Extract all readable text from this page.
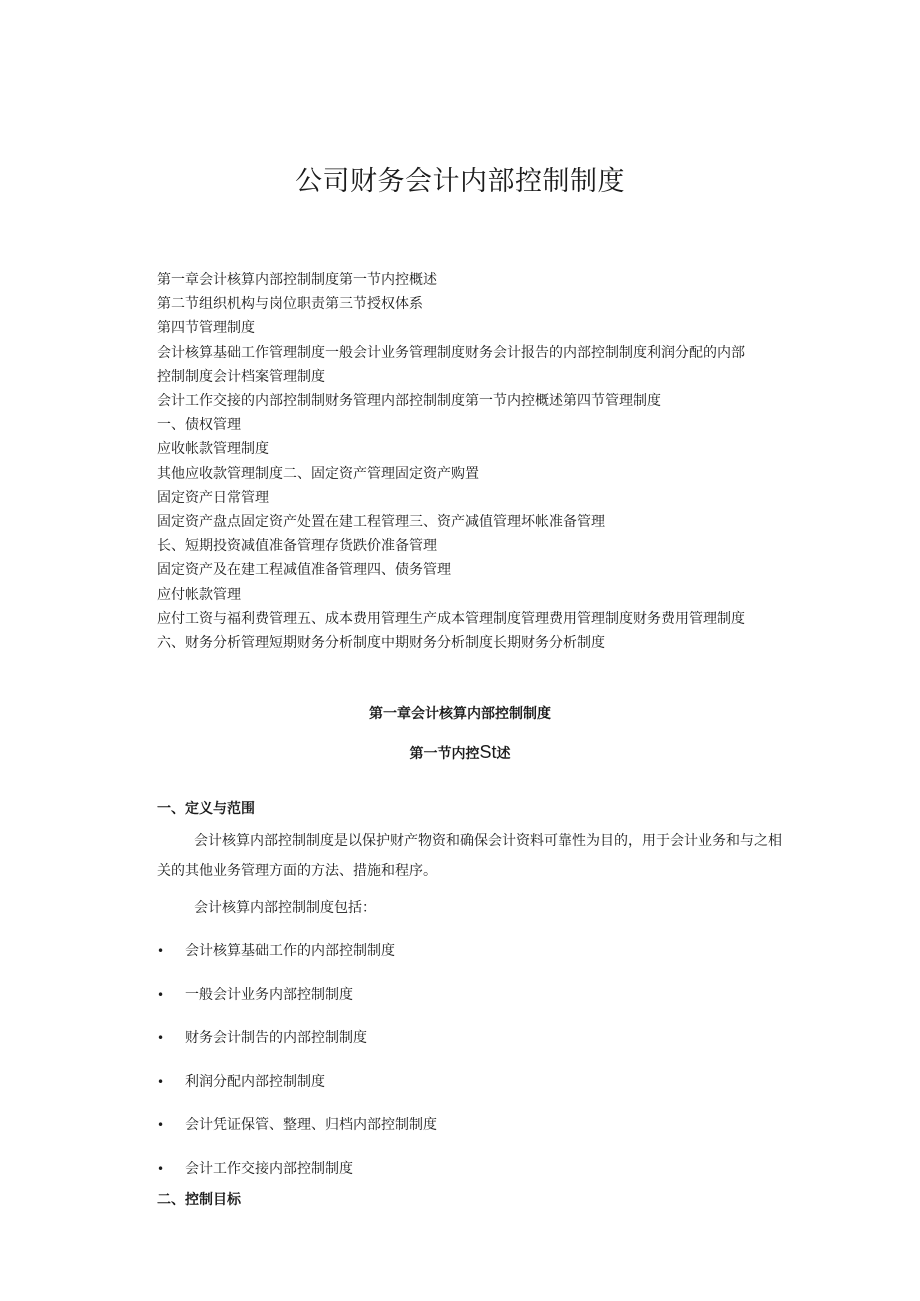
公司财务会计内部控制制度
第一章会计核算内部控制制度第一节内控概述
第二节组织机构与岗位职责第三节授权体系
第四节管理制度
会计核算基础工作管理制度一般会计业务管理制度财务会计报告的内部控制制度利润分配的内部
控制制度会计档案管理制度
会计工作交接的内部控制制财务管理内部控制制度第一节内控概述第四节管理制度
一、债权管理
应收帐款管理制度
其他应收款管理制度二、固定资产管理固定资产购置
固定资产日常管理
固定资产盘点固定资产处置在建工程管理三、资产减值管理坏帐准备管理
长、短期投资减值准备管理存货跌价准备管理
固定资产及在建工程减值准备管理四、债务管理
应付帐款管理
应付工资与福利费管理五、成本费用管理生产成本管理制度管理费用管理制度财务费用管理制度
六、财务分析管理短期财务分析制度中期财务分析制度长期财务分析制度
第一章会计核算内部控制制度
第一节内控St述
一、定义与范围

会计核算内部控制制度是以保护财产物资和确保会计资料可靠性为目的，用于会计业务和与之相关的其他业务管理方面的方法、措施和程序。

会计核算内部控制制度包括：
• 会计核算基础工作的内部控制制度
• 一般会计业务内部控制制度
• 财务会计制告的内部控制制度
• 利润分配内部控制制度
• 会计凭证保管、整理、归档内部控制制度
• 会计工作交接内部控制制度
二、控制目标
